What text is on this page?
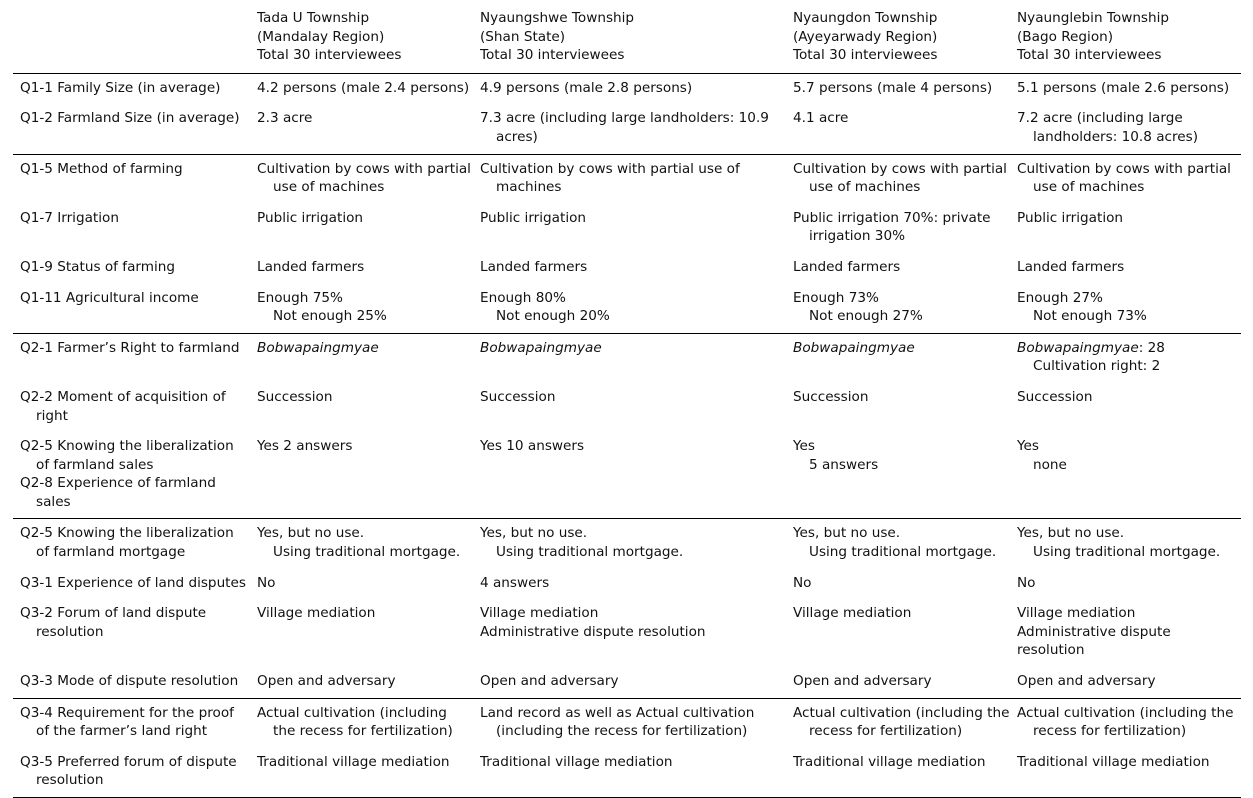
	Tada U Township
(Mandalay Region)
Total 30 interviewees	Nyaungshwe Township
(Shan State)
Total 30 interviewees	Nyaungdon Township
(Ayeyarwady Region)
Total 30 interviewees	Nyaunglebin Township
(Bago Region)
Total 30 interviewees

Q1-1 Family Size (in average)	4.2 persons (male 2.4 persons)	4.9 persons (male 2.8 persons)	5.7 persons (male 4 persons)	5.1 persons (male 2.6 persons)

Q1-2 Farmland Size (in average)	2.3 acre	7.3 acre (including large landholders: 10.9 acres)	4.1 acre	7.2 acre (including large landholders: 10.8 acres)

Q1-5 Method of farming	Cultivation by cows with partial use of machines	Cultivation by cows with partial use of machines	Cultivation by cows with partial use of machines	Cultivation by cows with partial use of machines

Q1-7 Irrigation	Public irrigation	Public irrigation	Public irrigation 70%: private irrigation 30%	Public irrigation

Q1-9 Status of farming	Landed farmers	Landed farmers	Landed farmers	Landed farmers

Q1-11 Agricultural income	Enough 75%
Not enough 25%	Enough 80%
Not enough 20%	Enough 73%
Not enough 27%	Enough 27%
Not enough 73%

Q2-1 Farmer’s Right to farmland	Bobwapaingmyae	Bobwapaingmyae	Bobwapaingmyae	Bobwapaingmyae: 28
Cultivation right: 2

Q2-2 Moment of acquisition of right	Succession	Succession	Succession	Succession

Q2-5 Knowing the liberalization of farmland sales
Q2-8 Experience of farmland sales	Yes 2 answers	Yes 10 answers	Yes
5 answers	Yes
none

Q2-5 Knowing the liberalization of farmland mortgage	Yes, but no use.
Using traditional mortgage.	Yes, but no use.
Using traditional mortgage.	Yes, but no use.
Using traditional mortgage.	Yes, but no use.
Using traditional mortgage.

Q3-1 Experience of land disputes	No	4 answers	No	No

Q3-2 Forum of land dispute resolution	Village mediation	Village mediation
Administrative dispute resolution	Village mediation	Village mediation
Administrative dispute resolution

Q3-3 Mode of dispute resolution	Open and adversary	Open and adversary	Open and adversary	Open and adversary

Q3-4 Requirement for the proof of the farmer’s land right	Actual cultivation (including the recess for fertilization)	Land record as well as Actual cultivation (including the recess for fertilization)	Actual cultivation (including the recess for fertilization)	Actual cultivation (including the recess for fertilization)

Q3-5 Preferred forum of dispute resolution	Traditional village mediation	Traditional village mediation	Traditional village mediation	Traditional village mediation
